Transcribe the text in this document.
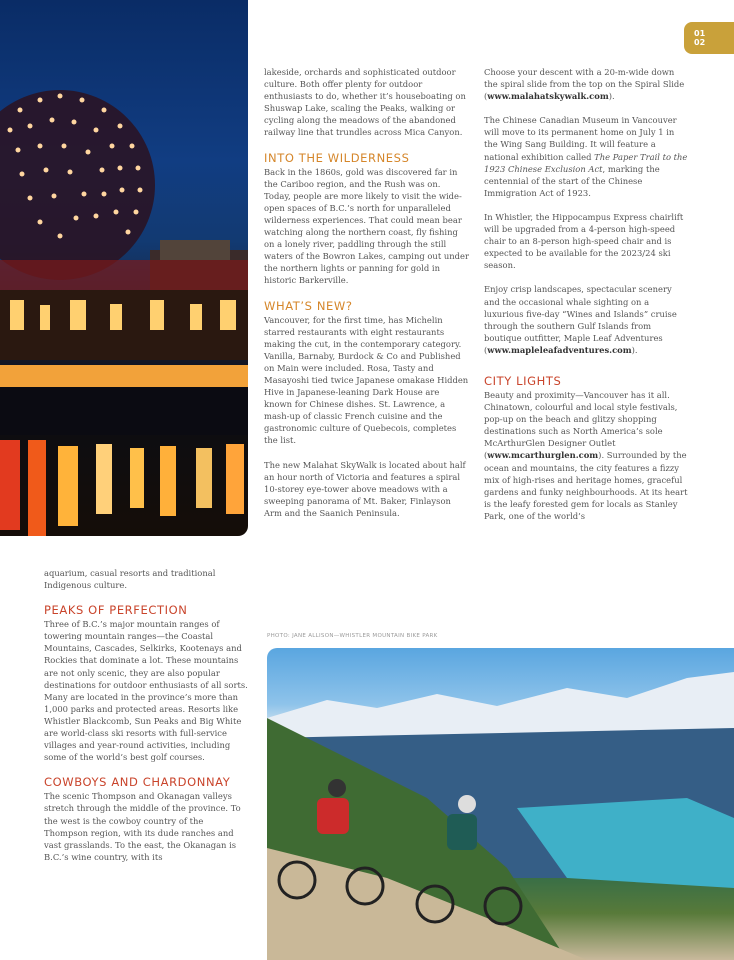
01
02

aquarium, casual resorts and traditional Indigenous culture.

PEAKS OF PERFECTION

Three of B.C.’s major mountain ranges of towering mountain ranges—the Coastal Mountains, Cascades, Selkirks, Kootenays and Rockies that dominate a lot. These mountains are not only scenic, they are also popular destinations for outdoor enthusiasts of all sorts. Many are located in the province’s more than 1,000 parks and protected areas. Resorts like Whistler Blackcomb, Sun Peaks and Big White are world-class ski resorts with full-service villages and year-round activities, including some of the world’s best golf courses.

COWBOYS AND CHARDONNAY

The scenic Thompson and Okanagan valleys stretch through the middle of the province. To the west is the cowboy country of the Thompson region, with its dude ranches and vast grasslands. To the east, the Okanagan is B.C.’s wine country, with its

lakeside, orchards and sophisticated outdoor culture. Both offer plenty for outdoor enthusiasts to do, whether it’s houseboating on Shuswap Lake, scaling the Peaks, walking or cycling along the meadows of the abandoned railway line that trundles across Mica Canyon.

INTO THE WILDERNESS

Back in the 1860s, gold was discovered far in the Cariboo region, and the Rush was on. Today, people are more likely to visit the wide-open spaces of B.C.’s north for unparalleled wilderness experiences. That could mean bear watching along the northern coast, fly fishing on a lonely river, paddling through the still waters of the Bowron Lakes, camping out under the northern lights or panning for gold in historic Barkerville.

WHAT’S NEW?

Vancouver, for the first time, has Michelin starred restaurants with eight restaurants making the cut, in the contemporary category. Vanilla, Barnaby, Burdock & Co and Published on Main were included. Rosa, Tasty and Masayoshi tied twice Japanese omakase Hidden Hive in Japanese-leaning Dark House are known for Chinese dishes. St. Lawrence, a mash-up of classic French cuisine and the gastronomic culture of Quebecois, completes the list.

The new Malahat SkyWalk is located about half an hour north of Victoria and features a spiral 10-storey eye-tower above meadows with a sweeping panorama of Mt. Baker, Finlayson Arm and the Saanich Peninsula.

Choose your descent with a 20-m-wide down the spiral slide from the top on the Spiral Slide (www.malahatskywalk.com).

The Chinese Canadian Museum in Vancouver will move to its permanent home on July 1 in the Wing Sang Building. It will feature a national exhibition called The Paper Trail to the 1923 Chinese Exclusion Act, marking the centennial of the start of the Chinese Immigration Act of 1923.

In Whistler, the Hippocampus Express chairlift will be upgraded from a 4-person high-speed chair to an 8-person high-speed chair and is expected to be available for the 2023/24 ski season.

Enjoy crisp landscapes, spectacular scenery and the occasional whale sighting on a luxurious five-day “Wines and Islands” cruise through the southern Gulf Islands from boutique outfitter, Maple Leaf Adventures (www.mapleleafadventures.com).

CITY LIGHTS

Beauty and proximity—Vancouver has it all. Chinatown, colourful and local style festivals, pop-up on the beach and glitzy shopping destinations such as North America’s sole McArthurGlen Designer Outlet (www.mcarthurglen.com). Surrounded by the ocean and mountains, the city features a fizzy mix of high-rises and heritage homes, graceful gardens and funky neighbourhoods. At its heart is the leafy forested gem for locals as Stanley Park, one of the world’s

PHOTO: JANE ALLISON—WHISTLER MOUNTAIN BIKE PARK
